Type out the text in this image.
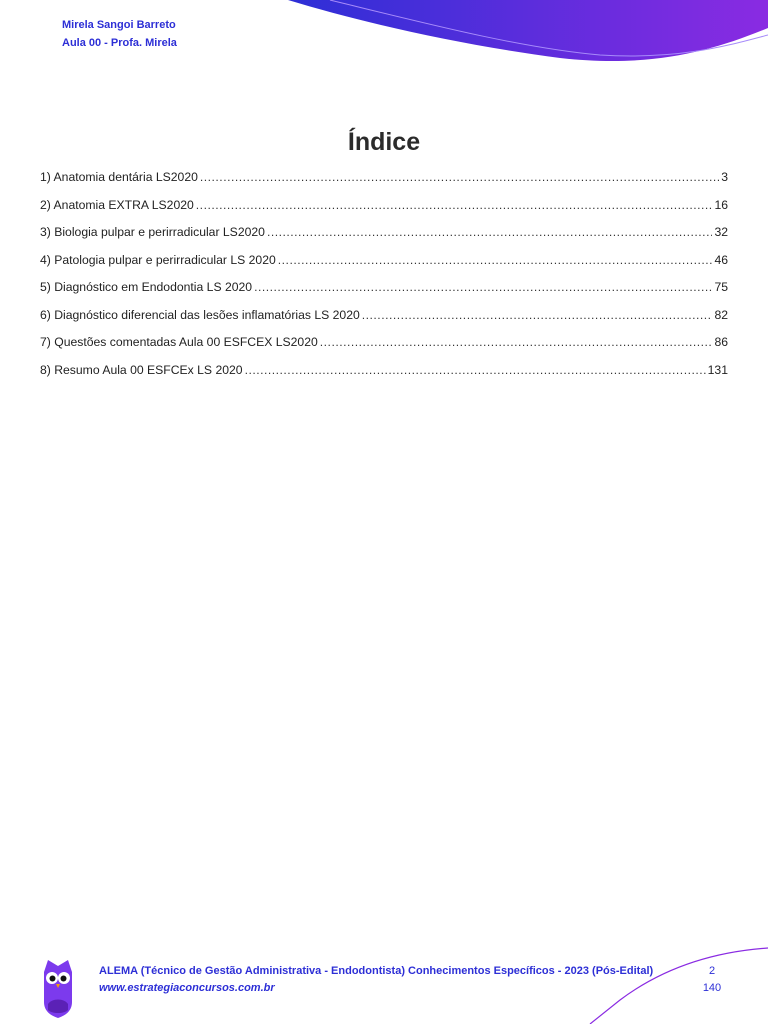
Mirela Sangoi Barreto
Aula 00 - Profa. Mirela
Índice
1) Anatomia dentária LS2020 .....	3
2) Anatomia EXTRA LS2020 .....	16
3) Biologia pulpar e perirradicular LS2020 .....	32
4) Patologia pulpar e perirradicular LS 2020 .....	46
5) Diagnóstico em Endodontia LS 2020 .....	75
6) Diagnóstico diferencial das lesões inflamatórias LS 2020 .....	82
7) Questões comentadas Aula 00 ESFCEX LS2020 .....	86
8) Resumo Aula 00 ESFCEx LS 2020 .....	131
ALEMA (Técnico de Gestão Administrativa - Endodontista) Conhecimentos Específicos - 2023 (Pós-Edital)
www.estrategiaconcursos.com.br
2
140
